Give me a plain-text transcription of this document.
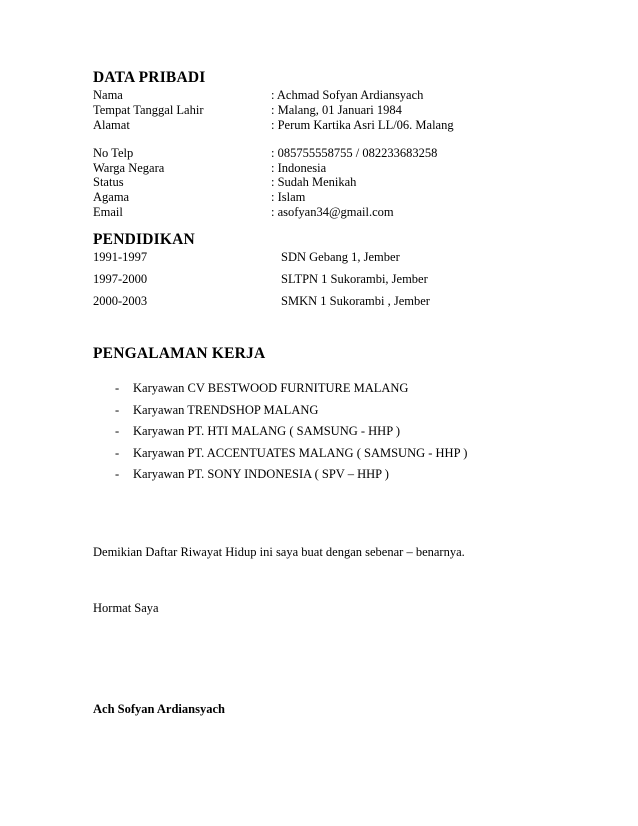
DATA PRIBADI
Nama	: Achmad Sofyan Ardiansyach
Tempat Tanggal Lahir	: Malang, 01 Januari 1984
Alamat	: Perum Kartika Asri LL/06. Malang
No Telp	: 085755558755 / 082233683258
Warga Negara	: Indonesia
Status	: Sudah Menikah
Agama	: Islam
Email	: asofyan34@gmail.com
PENDIDIKAN
1991-1997	SDN Gebang 1, Jember
1997-2000	SLTPN 1 Sukorambi, Jember
2000-2003	SMKN 1 Sukorambi , Jember
PENGALAMAN KERJA
- Karyawan CV BESTWOOD FURNITURE MALANG
- Karyawan TRENDSHOP MALANG
- Karyawan PT. HTI MALANG ( SAMSUNG - HHP )
- Karyawan PT. ACCENTUATES MALANG ( SAMSUNG - HHP )
- Karyawan PT. SONY INDONESIA ( SPV – HHP )
Demikian Daftar Riwayat Hidup ini saya buat dengan sebenar – benarnya.
Hormat Saya
Ach Sofyan Ardiansyach
